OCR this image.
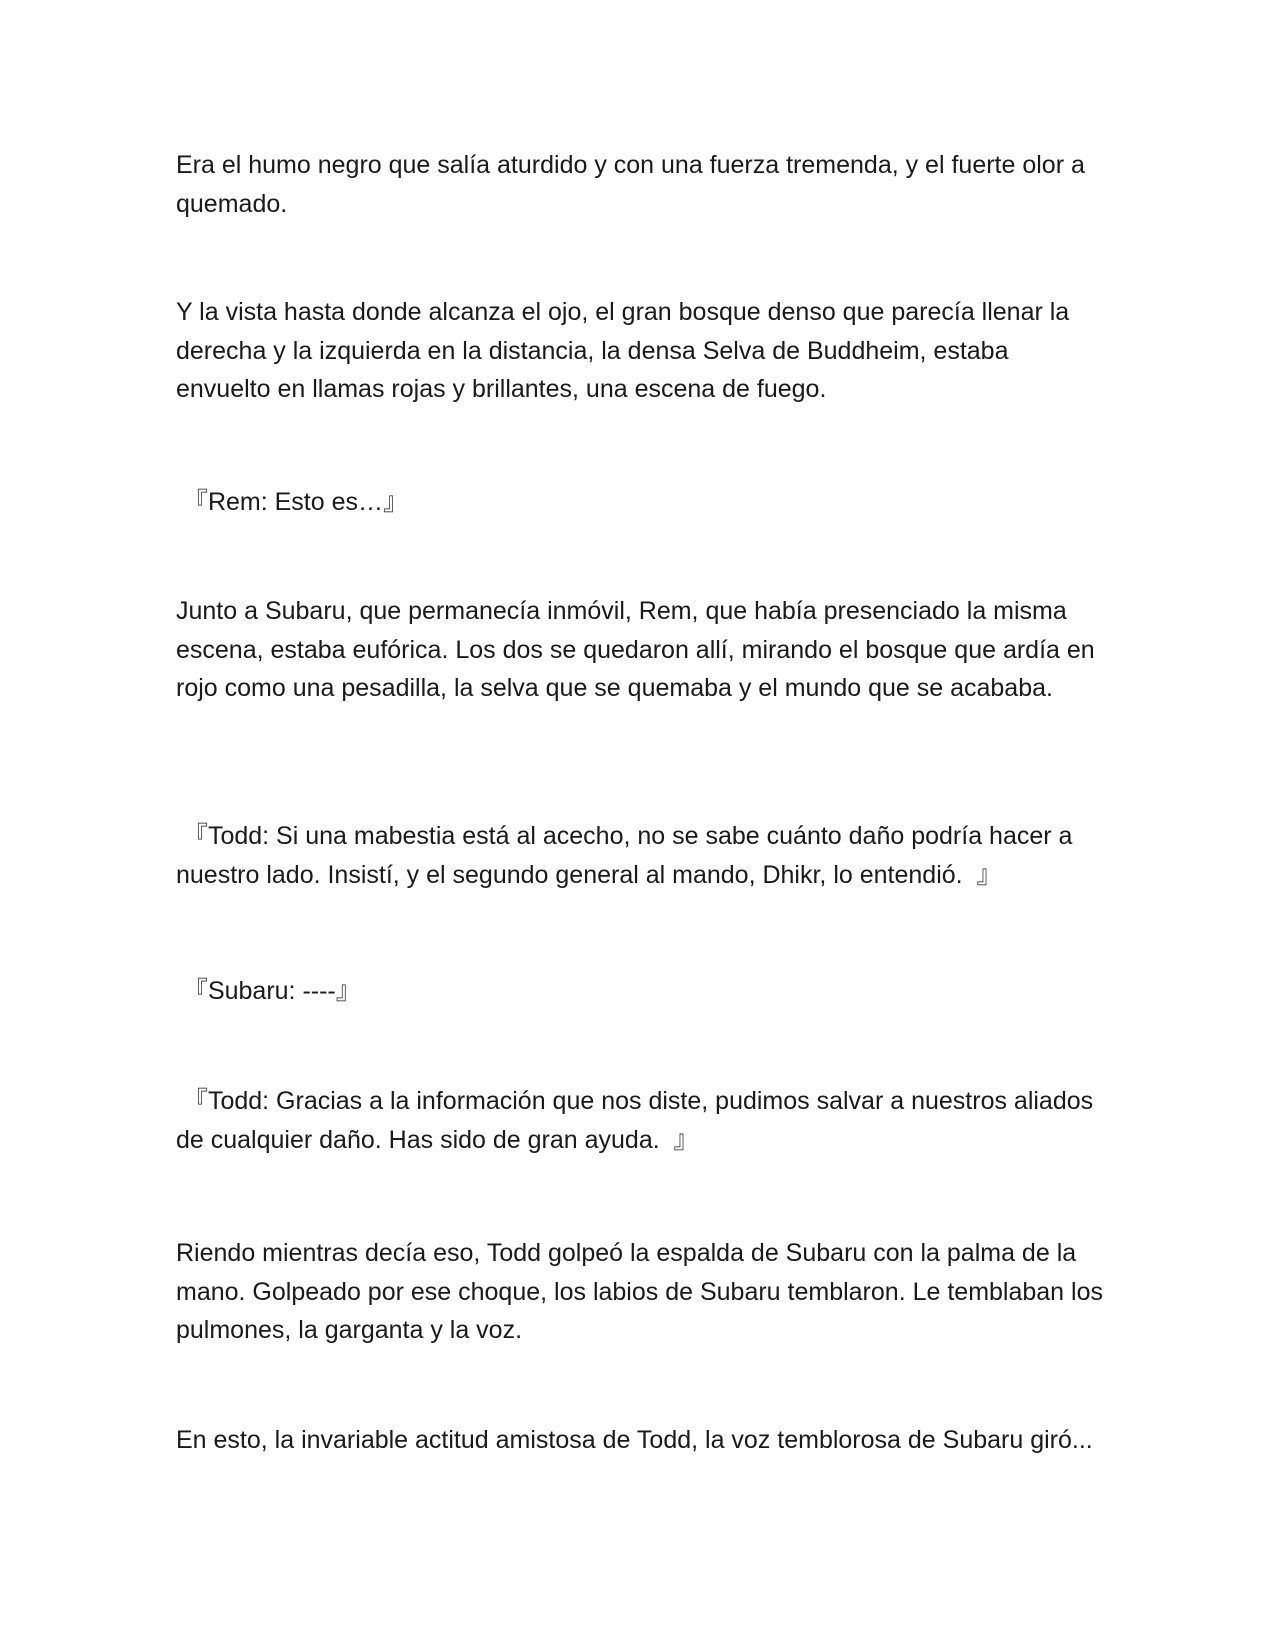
Era el humo negro que salía aturdido y con una fuerza tremenda, y el fuerte olor a quemado.

Y la vista hasta donde alcanza el ojo, el gran bosque denso que parecía llenar la derecha y la izquierda en la distancia, la densa Selva de Buddheim, estaba envuelto en llamas rojas y brillantes, una escena de fuego.

『Rem: Esto es…』

Junto a Subaru, que permanecía inmóvil, Rem, que había presenciado la misma escena, estaba eufórica. Los dos se quedaron allí, mirando el bosque que ardía en rojo como una pesadilla, la selva que se quemaba y el mundo que se acababa.

『Todd: Si una mabestia está al acecho, no se sabe cuánto daño podría hacer a nuestro lado. Insistí, y el segundo general al mando, Dhikr, lo entendió.  』

『Subaru: ----』

『Todd: Gracias a la información que nos diste, pudimos salvar a nuestros aliados de cualquier daño. Has sido de gran ayuda.  』

Riendo mientras decía eso, Todd golpeó la espalda de Subaru con la palma de la mano. Golpeado por ese choque, los labios de Subaru temblaron. Le temblaban los pulmones, la garganta y la voz.

En esto, la invariable actitud amistosa de Todd, la voz temblorosa de Subaru giró...
